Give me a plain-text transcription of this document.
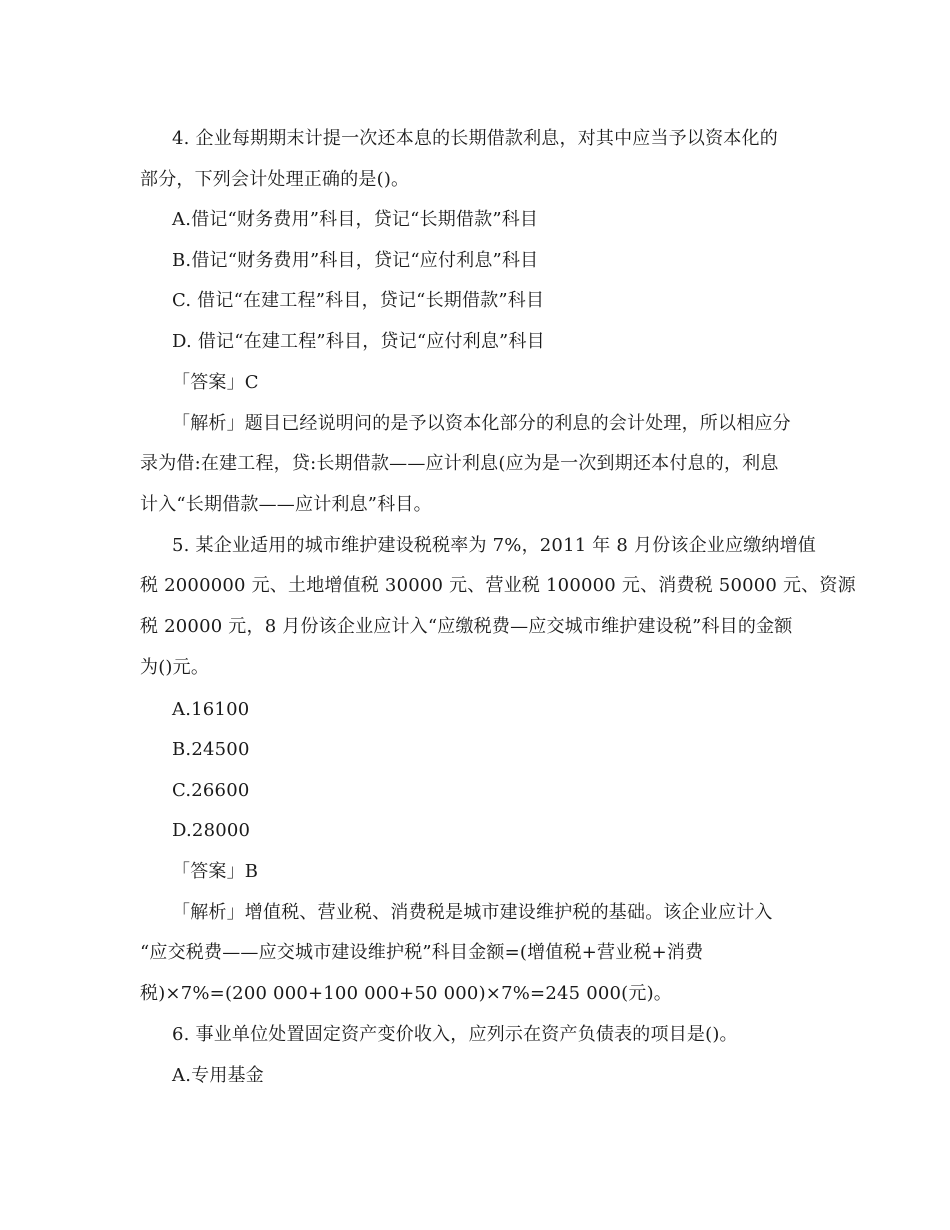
4. 企业每期期末计提一次还本息的长期借款利息，对其中应当予以资本化的
部分，下列会计处理正确的是()。
A.借记“财务费用”科目，贷记“长期借款”科目
B.借记“财务费用”科目，贷记“应付利息”科目
C. 借记“在建工程”科目，贷记“长期借款”科目
D. 借记“在建工程”科目，贷记“应付利息”科目
「答案」C
「解析」题目已经说明问的是予以资本化部分的利息的会计处理，所以相应分
录为借:在建工程，贷:长期借款——应计利息(应为是一次到期还本付息的，利息
计入“长期借款——应计利息”科目。
5. 某企业适用的城市维护建设税税率为 7%，2011 年 8 月份该企业应缴纳增值
税 2000000 元、土地增值税 30000 元、营业税 100000 元、消费税 50000 元、资源
税 20000 元，8 月份该企业应计入“应缴税费—应交城市维护建设税”科目的金额
为()元。
A.16100
B.24500
C.26600
D.28000
「答案」B
「解析」增值税、营业税、消费税是城市建设维护税的基础。该企业应计入
“应交税费——应交城市建设维护税”科目金额=(增值税+营业税+消费
税)×7%=(200 000+100 000+50 000)×7%=245 000(元)。
6. 事业单位处置固定资产变价收入，应列示在资产负债表的项目是()。
A.专用基金
